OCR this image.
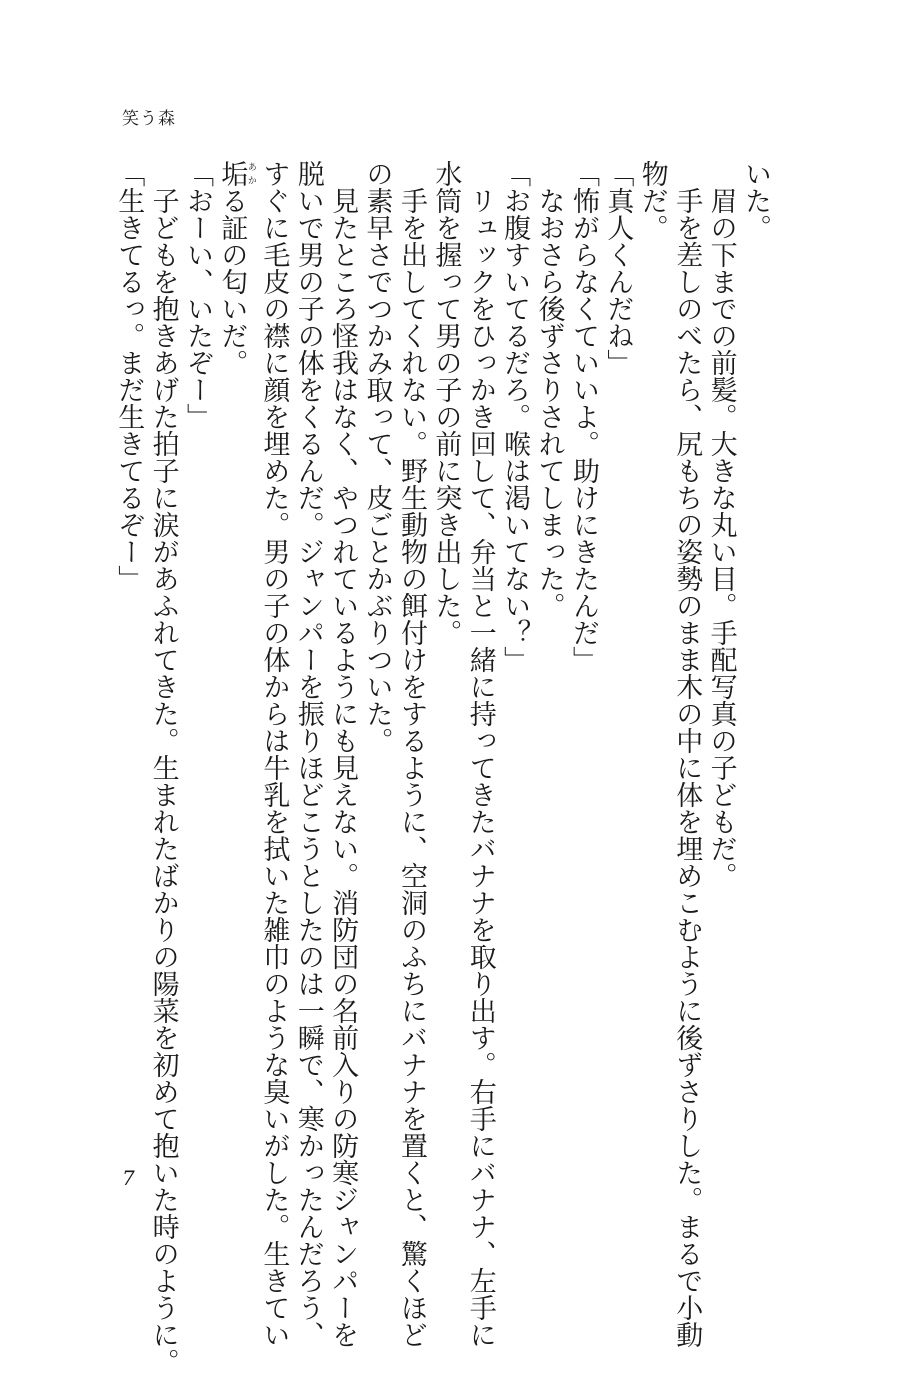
笑う森
いた。
　眉の下までの前髪。大きな丸い目。手配写真の子どもだ。
　手を差しのべたら、尻もちの姿勢のまま木の中に体を埋めこむように後ずさりした。まるで小動
物だ。
「真人くんだね」
「怖がらなくていいよ。助けにきたんだ」
　なおさら後ずさりされてしまった。
「お腹すいてるだろ。喉は渇いてない？」
　リュックをひっかき回して、弁当と一緒に持ってきたバナナを取り出す。右手にバナナ、左手に
水筒を握って男の子の前に突き出した。
　手を出してくれない。野生動物の餌付けをするように、空洞のふちにバナナを置くと、驚くほど
の素早さでつかみ取って、皮ごとかぶりついた。
　見たところ怪我はなく、やつれているようにも見えない。消防団の名前入りの防寒ジャンパーを
脱いで男の子の体をくるんだ。ジャンパーを振りほどこうとしたのは一瞬で、寒かったんだろう、
すぐに毛皮の襟に顔を埋めた。男の子の体からは牛乳を拭いた雑巾のような臭いがした。生きてい
垢あかる証の匂いだ。
「おーい、いたぞー」
　子どもを抱きあげた拍子に涙があふれてきた。生まれたばかりの陽菜を初めて抱いた時のように。
「生きてるっ。まだ生きてるぞー」
7
